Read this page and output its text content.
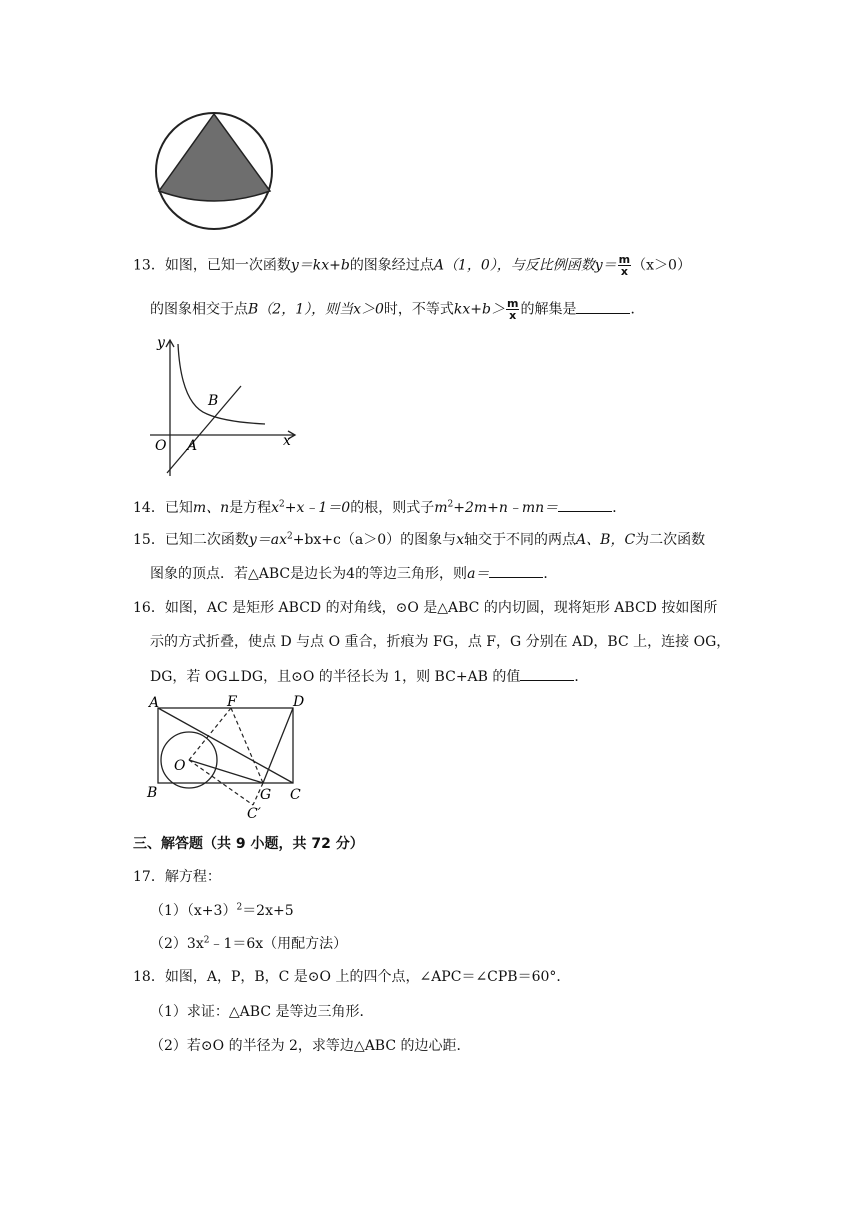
13．如图，已知一次函数y＝kx+b的图象经过点A（1，0），与反比例函数$y= \frac{m}{x} (x>0)$
的图象相交于点B（2，1），则当x＞0时，不等式$kx+b> \frac{m}{x}$ 的解集是	．
y
x
O A
B
14．已知m、n是方程$x^2+x﹣1=0$的根，则式子$m^2+2m+n﹣mn=$	．
15．已知二次函数$y=ax^2+bx+c(a>0)$的图象与x轴交于不同的两点A、B，C为二次函数
图象的顶点．若△ABC是边长为4的等边三角形，则a＝	．
16．如图，AC 是矩形 ABCD 的对角线，⊙O 是△ABC 的内切圆，现将矩形 ABCD 按如图所
示的方式折叠，使点 D 与点 O 重合，折痕为 FG，点 F，G 分别在 AD，BC 上，连接 OG，
DG，若 OG⊥DG，且⊙O 的半径长为 1，则 BC+AB 的值	．
A	F	D
O
B	G C
C′
三、解答题（共 9 小题，共 72 分）
17．解方程：
$(1)(x+3)^2=2x+5$
$(2)3x^2﹣1=6x$（用配方法）
18．如图，A，P，B，C 是⊙O 上的四个点，∠APC＝∠CPB＝60°．
（1）求证：△ABC 是等边三角形．
（2）若⊙O 的半径为 2，求等边△ABC 的边心距．
